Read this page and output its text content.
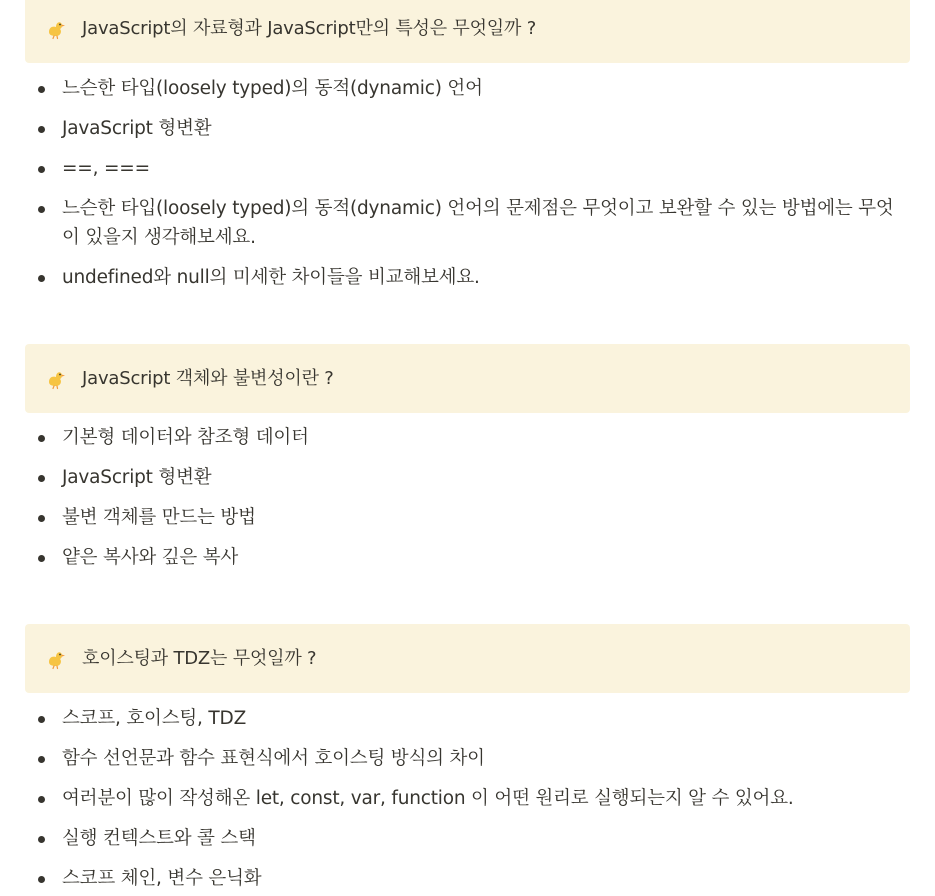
JavaScript의 자료형과 JavaScript만의 특성은 무엇일까 ?
느슨한 타입(loosely typed)의 동적(dynamic) 언어
JavaScript 형변환
==, ===
느슨한 타입(loosely typed)의 동적(dynamic) 언어의 문제점은 무엇이고 보완할 수 있는 방법에는 무엇이 있을지 생각해보세요.
undefined와 null의 미세한 차이들을 비교해보세요.
JavaScript 객체와 불변성이란 ?
기본형 데이터와 참조형 데이터
JavaScript 형변환
불변 객체를 만드는 방법
얕은 복사와 깊은 복사
호이스팅과 TDZ는 무엇일까 ?
스코프, 호이스팅, TDZ
함수 선언문과 함수 표현식에서 호이스팅 방식의 차이
여러분이 많이 작성해온 let, const, var, function 이 어떤 원리로 실행되는지 알 수 있어요.
실행 컨텍스트와 콜 스택
스코프 체인, 변수 은닉화
